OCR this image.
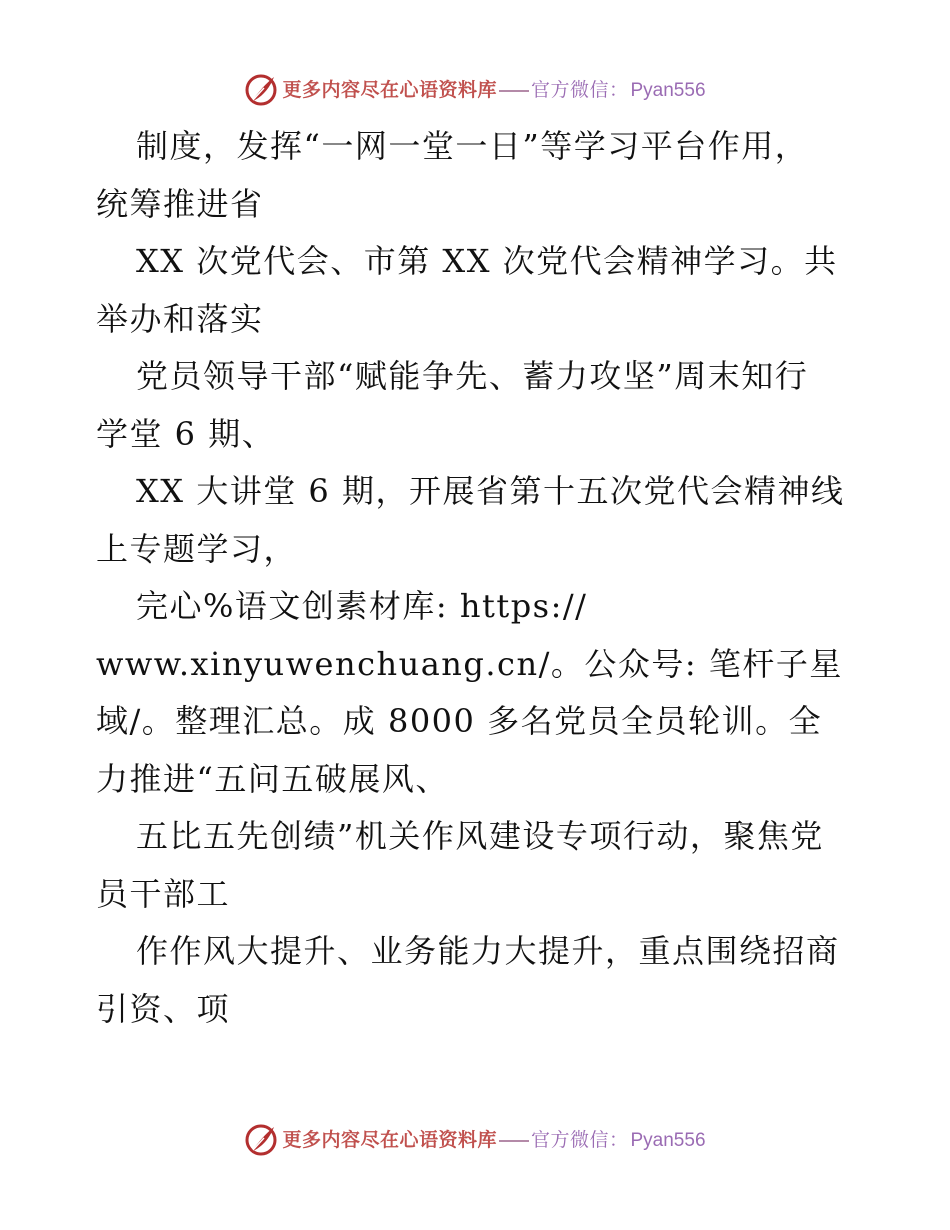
更多内容尽在心语资料库 官方微信： Pyan556
制度，发挥“一网一堂一日”等学习平台作用，
统筹推进省
XX 次党代会、市第 XX 次党代会精神学习。共
举办和落实
党员领导干部“赋能争先、蓄力攻坚”周末知行
学堂 6 期、
XX 大讲堂 6 期，开展省第十五次党代会精神线
上专题学习，
完心%语文创素材库: https://
www.xinyuwenchuang.cn/。公众号: 笔杆子星
域/。整理汇总。成 8000 多名党员全员轮训。全
力推进“五问五破展风、
五比五先创绩”机关作风建设专项行动，聚焦党
员干部工
作作风大提升、业务能力大提升，重点围绕招商
引资、项
更多内容尽在心语资料库 官方微信： Pyan556
